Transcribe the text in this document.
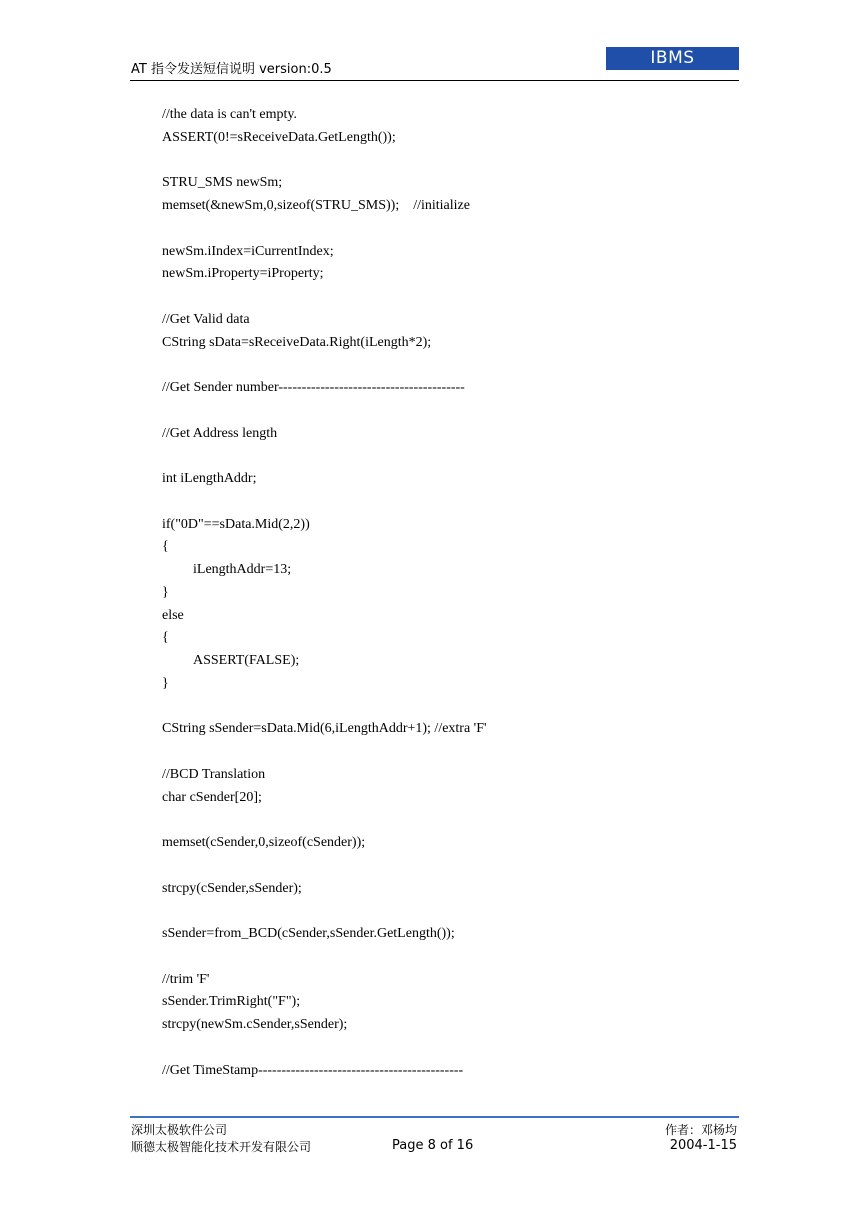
AT 指令发送短信说明 version:0.5
IBMS
//the data is can't empty.
ASSERT(0!=sReceiveData.GetLength());
STRU_SMS newSm;
memset(&newSm,0,sizeof(STRU_SMS));    //initialize
newSm.iIndex=iCurrentIndex;
newSm.iProperty=iProperty;
//Get Valid data
CString sData=sReceiveData.Right(iLength*2);
//Get Sender number----------------------------------------
//Get Address length
int iLengthAddr;
if("0D"==sData.Mid(2,2))
{
iLengthAddr=13;
}
else
{
ASSERT(FALSE);
}
CString sSender=sData.Mid(6,iLengthAddr+1); //extra 'F'
//BCD Translation
char cSender[20];
memset(cSender,0,sizeof(cSender));
strcpy(cSender,sSender);
sSender=from_BCD(cSender,sSender.GetLength());
//trim 'F'
sSender.TrimRight("F");
strcpy(newSm.cSender,sSender);
//Get TimeStamp--------------------------------------------
深圳太极软件公司
顺德太极智能化技术开发有限公司	Page 8 of 16
作者：邓杨均
2004-1-15
